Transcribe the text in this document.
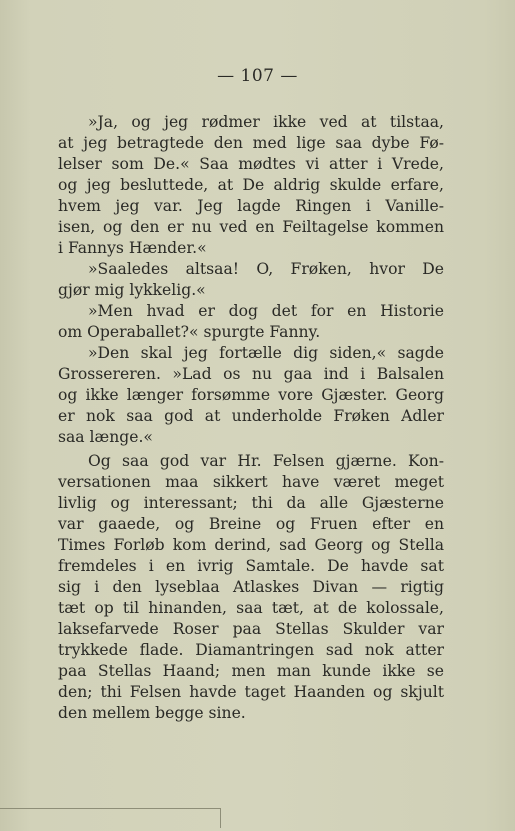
— 107 —
»Ja, og jeg rødmer ikke ved at tilstaa,
at jeg betragtede den med lige saa dybe Fø-
lelser som De.« Saa mødtes vi atter i Vrede,
og jeg besluttede, at De aldrig skulde erfare,
hvem jeg var. Jeg lagde Ringen i Vanille-
isen, og den er nu ved en Feiltagelse kommen
i Fannys Hænder.«
»Saaledes altsaa! O, Frøken, hvor De
gjør mig lykkelig.«
»Men hvad er dog det for en Historie
om Operaballet?« spurgte Fanny.
»Den skal jeg fortælle dig siden,« sagde
Grossereren. »Lad os nu gaa ind i Balsalen
og ikke længer forsømme vore Gjæster. Georg
er nok saa god at underholde Frøken Adler
saa længe.«
Og saa god var Hr. Felsen gjærne. Kon-
versationen maa sikkert have været meget
livlig og interessant; thi da alle Gjæsterne
var gaaede, og Breine og Fruen efter en
Times Forløb kom derind, sad Georg og Stella
fremdeles i en ivrig Samtale. De havde sat
sig i den lyseblaa Atlaskes Divan — rigtig
tæt op til hinanden, saa tæt, at de kolossale,
laksefarvede Roser paa Stellas Skulder var
trykkede flade. Diamantringen sad nok atter
paa Stellas Haand; men man kunde ikke se
den; thi Felsen havde taget Haanden og skjult
den mellem begge sine.
